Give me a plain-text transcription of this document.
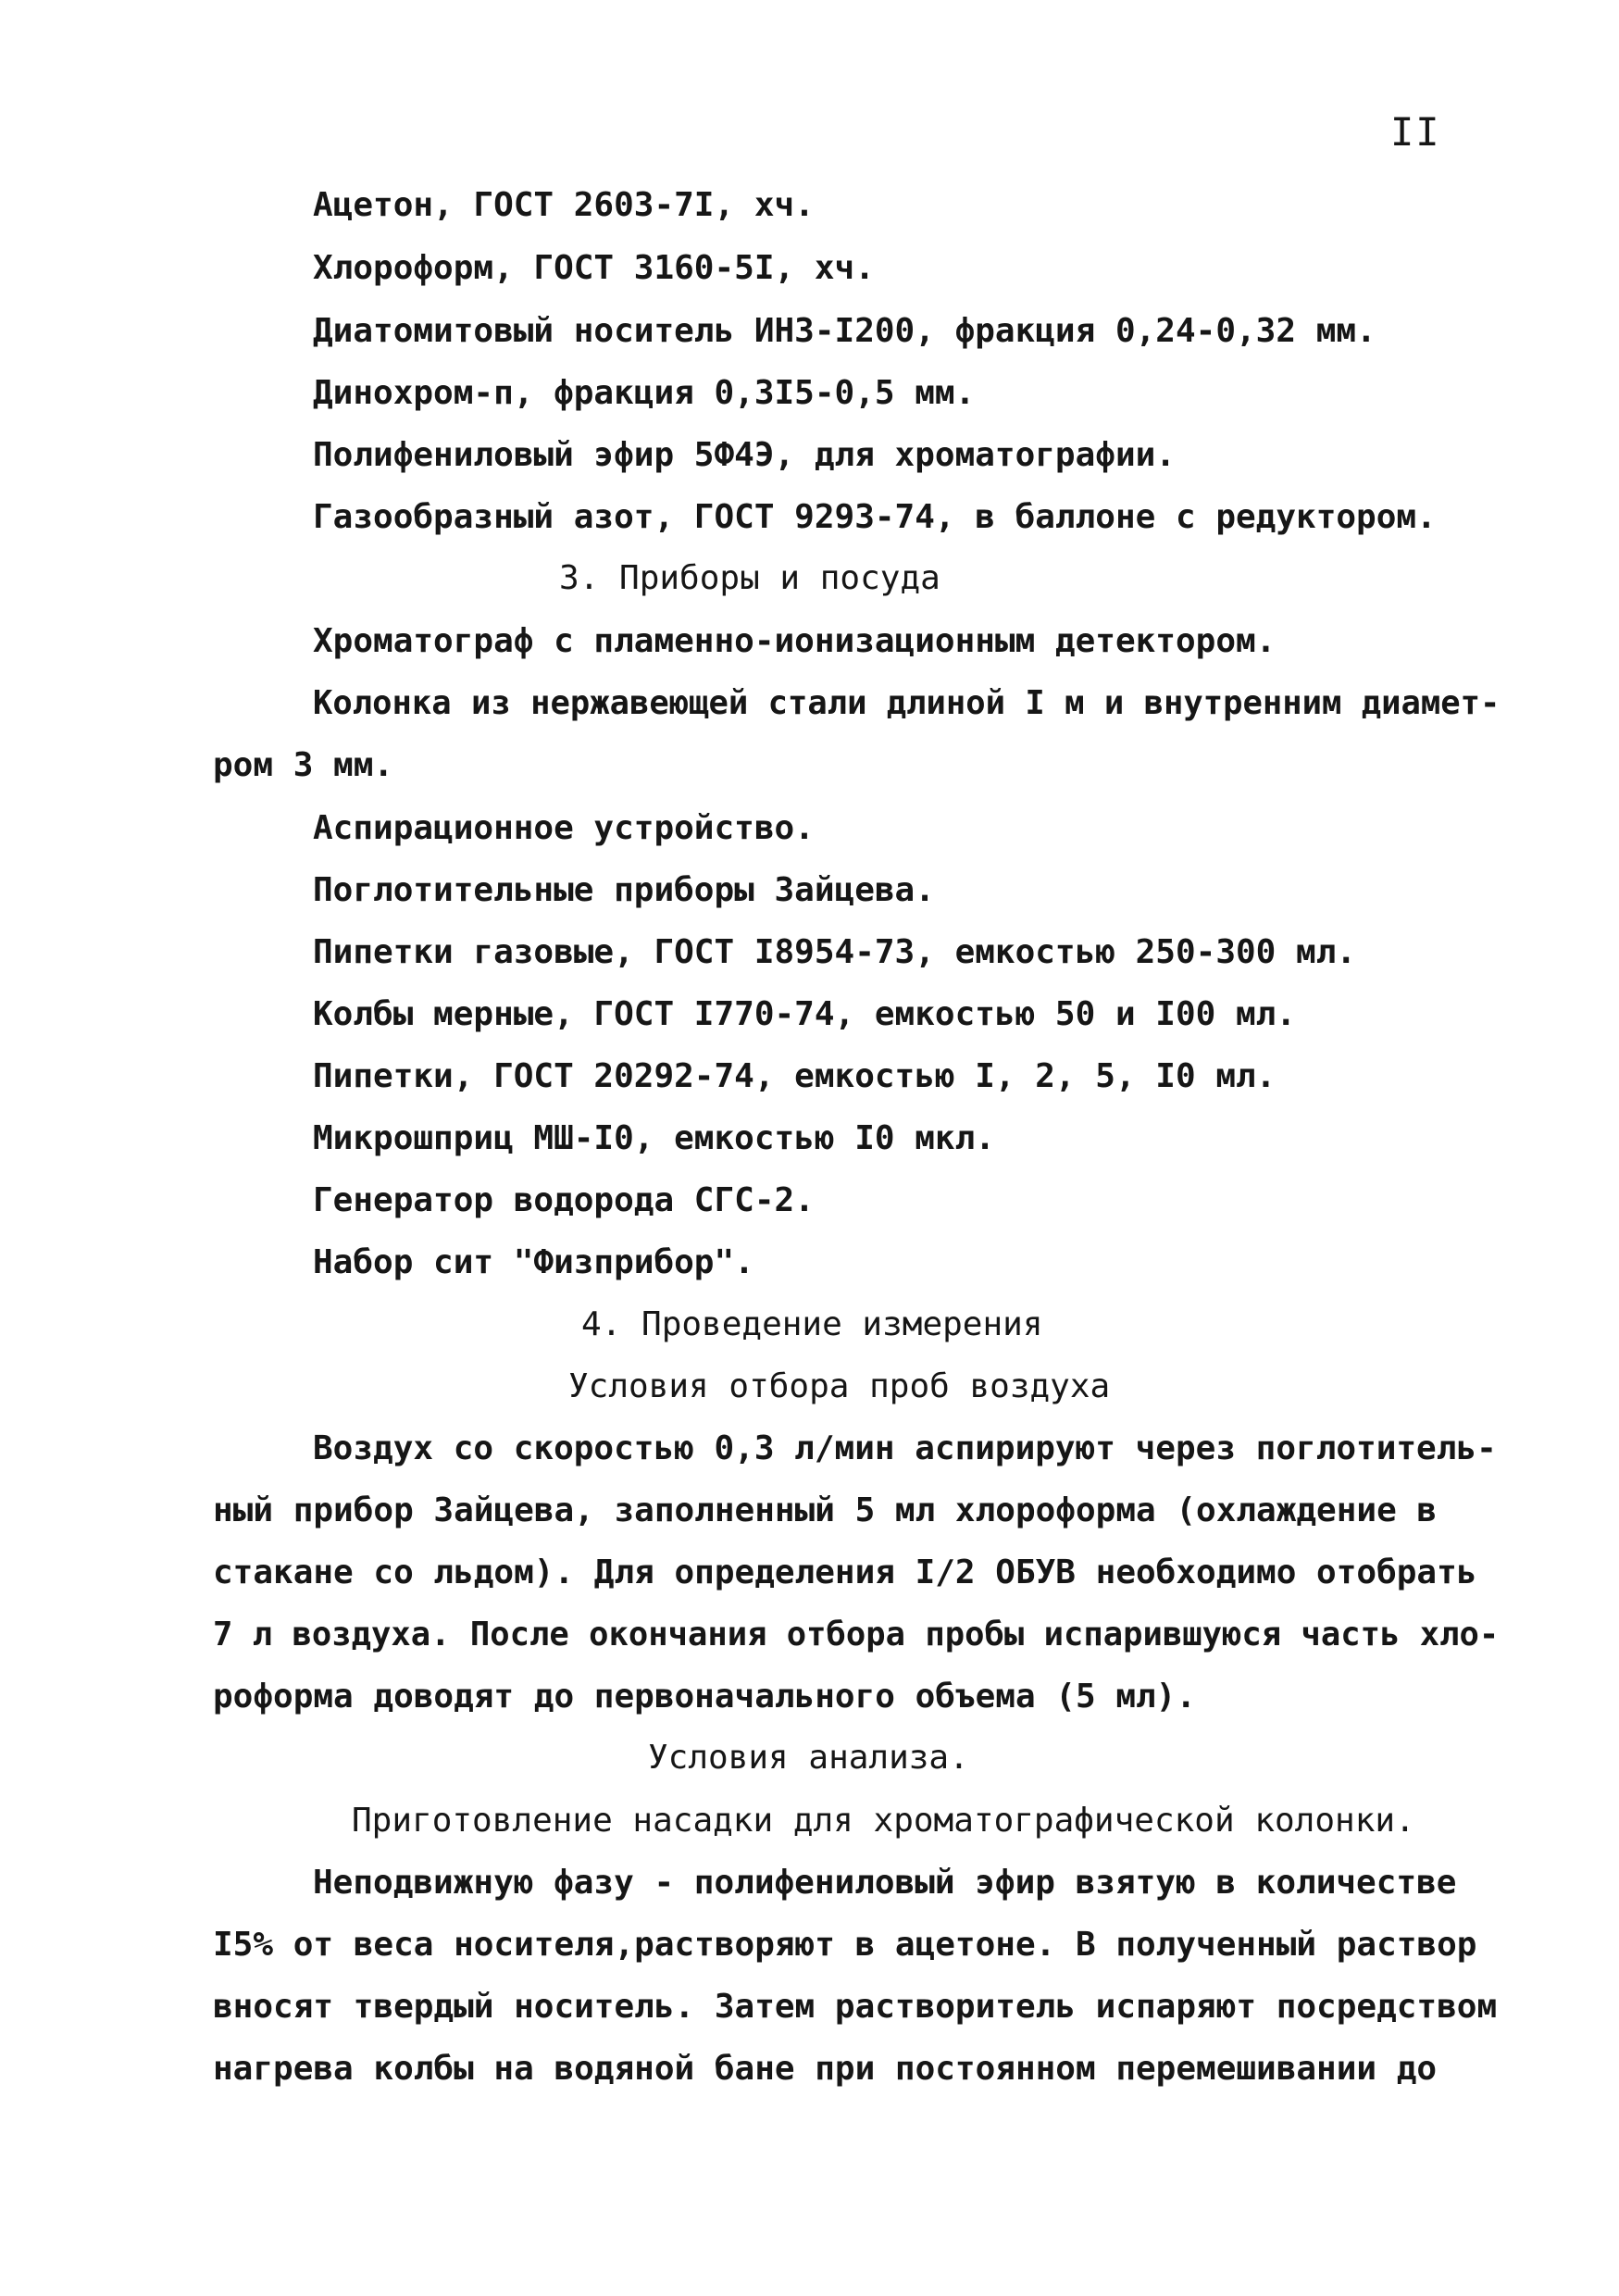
II
Ацетон, ГОСТ 2603-7I, хч.
Хлороформ, ГОСТ 3160-5I, хч.
Диатомитовый носитель ИНЗ-I200, фракция 0,24-0,32 мм.
Динохром-п, фракция 0,3I5-0,5 мм.
Полифениловый эфир 5Ф4Э, для хроматографии.
Газообразный азот, ГОСТ 9293-74, в баллоне с редуктором.
3. Приборы и посуда
Хроматограф с пламенно-ионизационным детектором.
Колонка из нержавеющей стали длиной I м и внутренним диамет-
ром 3 мм.
Аспирационное устройство.
Поглотительные приборы Зайцева.
Пипетки газовые, ГОСТ I8954-73, емкостью 250-300 мл.
Колбы мерные, ГОСТ I770-74, емкостью 50 и I00 мл.
Пипетки, ГОСТ 20292-74, емкостью I, 2, 5, I0 мл.
Микрошприц МШ-I0, емкостью I0 мкл.
Генератор водорода СГС-2.
Набор сит "Физприбор".
4. Проведение измерения
Условия отбора проб воздуха
Воздух со скоростью 0,3 л/мин аспирируют через поглотитель-
ный прибор Зайцева, заполненный 5 мл хлороформа (охлаждение в
стакане со льдом). Для определения I/2 ОБУВ необходимо отобрать
7 л воздуха. После окончания отбора пробы испарившуюся часть хло-
роформа доводят до первоначального объема (5 мл).
Условия анализа.
Приготовление насадки для хроматографической колонки.
Неподвижную фазу - полифениловый эфир взятую в количестве
I5% от веса носителя,растворяют в ацетоне. В полученный раствор
вносят твердый носитель. Затем растворитель испаряют посредством
нагрева колбы на водяной бане при постоянном перемешивании до
